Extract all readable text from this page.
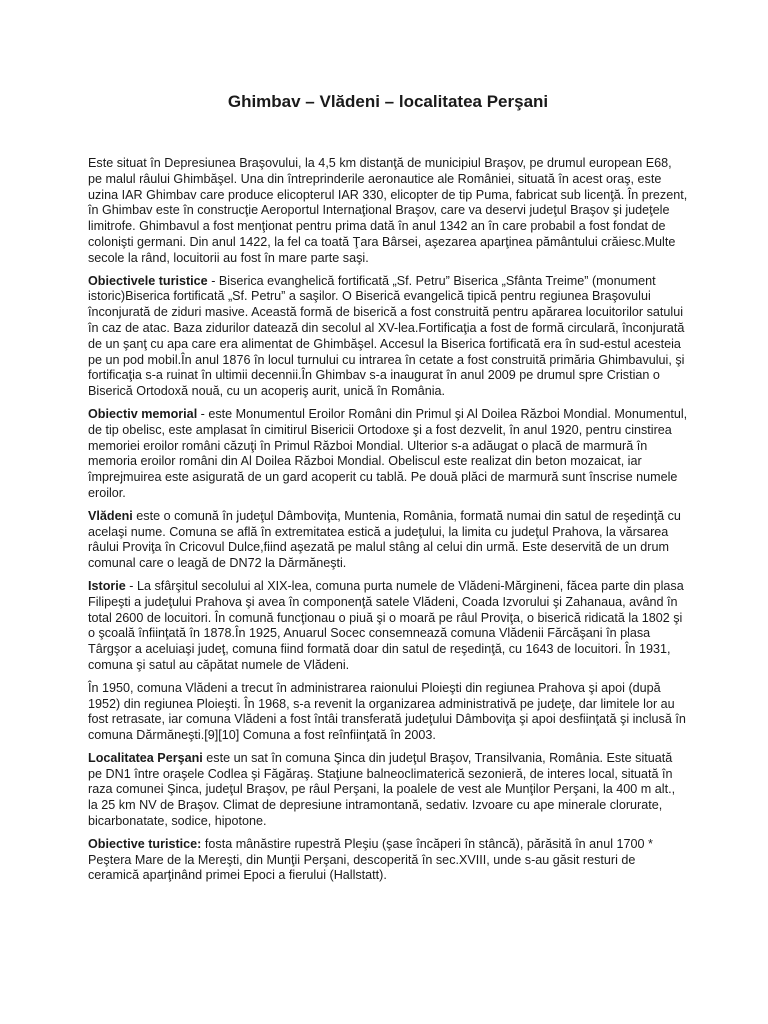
Ghimbav – Vlădeni – localitatea Perşani

Este situat în Depresiunea Braşovului, la 4,5 km distanţă de municipiul Braşov, pe drumul european E68, pe malul râului Ghimbăşel. Una din întreprinderile aeronautice ale României, situată în acest oraş, este uzina IAR Ghimbav care produce elicopterul IAR 330, elicopter de tip Puma, fabricat sub licenţă. În prezent, în Ghimbav este în construcţie Aeroportul Internaţional Braşov, care va deservi judeţul Braşov şi judeţele limitrofe. Ghimbavul a fost menţionat pentru prima dată în anul 1342 an în care probabil a fost fondat de colonişti germani. Din anul 1422, la fel ca toată Ţara Bârsei, aşezarea aparţinea pământului crăiesc.Multe secole la rând, locuitorii au fost în mare parte saşi.

Obiectivele turistice - Biserica evanghelică fortificată „Sf. Petru” Biserica „Sfânta Treime” (monument istoric)Biserica fortificată „Sf. Petru” a saşilor. O Biserică evangelică tipică pentru regiunea Braşovului înconjurată de ziduri masive. Această formă de biserică a fost construită pentru apărarea locuitorilor satului în caz de atac. Baza zidurilor datează din secolul al XV-lea.Fortificaţia a fost de formă circulară, înconjurată de un şanţ cu apa care era alimentat de Ghimbăşel. Accesul la Biserica fortificată era în sud-estul acesteia pe un pod mobil.În anul 1876 în locul turnului cu intrarea în cetate a fost construită primăria Ghimbavului, şi fortificaţia s-a ruinat în ultimii decennii.În Ghimbav s-a inaugurat în anul 2009 pe drumul spre Cristian o Biserică Ortodoxă nouă, cu un acoperiş aurit, unică în România.

Obiectiv memorial - este Monumentul Eroilor Români din Primul şi Al Doilea Război Mondial. Monumentul, de tip obelisc, este amplasat în cimitirul Bisericii Ortodoxe şi a fost dezvelit, în anul 1920, pentru cinstirea memoriei eroilor români căzuţi în Primul Război Mondial. Ulterior s-a adăugat o placă de marmură în memoria eroilor români din Al Doilea Război Mondial. Obeliscul este realizat din beton mozaicat, iar împrejmuirea este asigurată de un gard acoperit cu tablă. Pe două plăci de marmură sunt înscrise numele eroilor.

Vlădeni este o comună în judeţul Dâmboviţa, Muntenia, România, formată numai din satul de reşedinţă cu acelaşi nume. Comuna se află în extremitatea estică a judeţului, la limita cu judeţul Prahova, la vărsarea râului Proviţa în Cricovul Dulce,fiind aşezată pe malul stâng al celui din urmă. Este deservită de un drum comunal care o leagă de DN72 la Dărmăneşti.

Istorie - La sfârşitul secolului al XIX-lea, comuna purta numele de Vlădeni-Mărgineni, făcea parte din plasa Filipeşti a judeţului Prahova şi avea în componenţă satele Vlădeni, Coada Izvorului şi Zahanaua, având în total 2600 de locuitori. În comună funcţionau o piuă şi o moară pe râul Proviţa, o biserică ridicată la 1802 şi o şcoală înfiinţată în 1878.În 1925, Anuarul Socec consemnează comuna Vlădenii Fărcăşani în plasa Târgşor a aceluiaşi judeţ, comuna fiind formată doar din satul de reşedinţă, cu 1643 de locuitori. În 1931, comuna şi satul au căpătat numele de Vlădeni.

În 1950, comuna Vlădeni a trecut în administrarea raionului Ploieşti din regiunea Prahova şi apoi (după 1952) din regiunea Ploieşti. În 1968, s-a revenit la organizarea administrativă pe judeţe, dar limitele lor au fost retrasate, iar comuna Vlădeni a fost întâi transferată judeţului Dâmboviţa şi apoi desfiinţată şi inclusă în comuna Dărmăneşti.[9][10] Comuna a fost reînfiinţată în 2003.

Localitatea Perşani este un sat în comuna Şinca din judeţul Braşov, Transilvania, România. Este situată pe DN1 între oraşele Codlea şi Făgăraş. Staţiune balneoclimaterică sezonieră, de interes local, situată în raza comunei Şinca, judeţul Braşov, pe râul Perşani, la poalele de vest ale Munţilor Perşani, la 400 m alt., la 25 km NV de Braşov. Climat de depresiune intramontană, sedativ. Izvoare cu ape minerale clorurate, bicarbonatate, sodice, hipotone.

Obiective turistice: fosta mânăstire rupestră Pleşiu (şase încăperi în stâncă), părăsită în anul 1700 * Peştera Mare de la Mereşti, din Munţii Perşani, descoperită în sec.XVIII, unde s-au găsit resturi de ceramică aparţinând primei Epoci a fierului (Hallstatt).
